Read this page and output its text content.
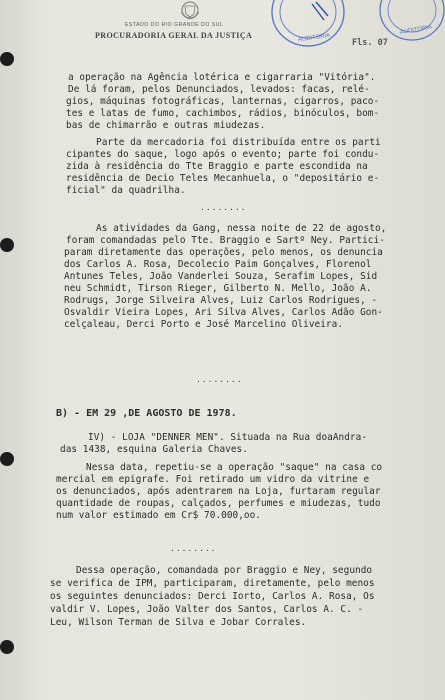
ESTADO DO RIO GRANDE DO SUL
PROCURADORIA GERAL DA JUSTIÇA	AUDITORIA
AUDITORIA
Fls. 07
a operação na Agência lotérica e cigarraria "Vitória".
De lá foram, pelos Denunciados, levados: facas, relé-
gios, máquinas fotográficas, lanternas, cigarros, paco-
tes e latas de fumo, cachimbos, rádios, binóculos, bom-
bas de chimarrão e outras miudezas.
Parte da mercadoria foi distribuída entre os parti
cipantes do saque, logo após o evento; parte foi condu-
zida à residência do Tte Braggio e parte escondida na
residência de Decio Teles Mecanhuela, o "depositário e-
ficial" da quadrilha.
........
As atividades da Gang, nessa noite de 22 de agosto,
foram comandadas pelo Tte. Braggio e Sartº Ney. Partici-
param diretamente das operações, pelo menos, os denuncia
dos Carlos A. Rosa, Decolecio Paim Gonçalves, Florenol
Antunes Teles, João Vanderlei Souza, Serafim Lopes, Sid
neu Schmidt, Tirson Rieger, Gilberto N. Mello, João A.
Rodrugs, Jorge Silveira Alves, Luiz Carlos Rodrigues, -
Osvaldir Vieira Lopes, Ari Silva Alves, Carlos Adão Gon-
celçaleau, Derci Porto e José Marcelino Oliveira.
........
B) - EM 29 ,DE AGOSTO DE 1978.
IV) - LOJA "DENNER MEN". Situada na Rua doaAndra-
das 1438, esquina Galeria Chaves.
Nessa data, repetiu-se a operação "saque" na casa co
mercial em epigrafe. Foi retirado um vidro da vitrine e
os denunciados, após adentrarem na Loja, furtaram regular
quantidade de roupas, calçados, perfumes e miudezas, tudo
num valor estimado em Cr$ 70.000,oo.
........
Dessa operação, comandada por Braggio e Ney, segundo
se verifica de IPM, participaram, diretamente, pelo menos
os seguintes denunciados: Derci Iorto, Carlos A. Rosa, Os
valdir V. Lopes, João Valter dos Santos, Carlos A. C. -
Leu, Wilson Terman de Silva e Jobar Corrales.
